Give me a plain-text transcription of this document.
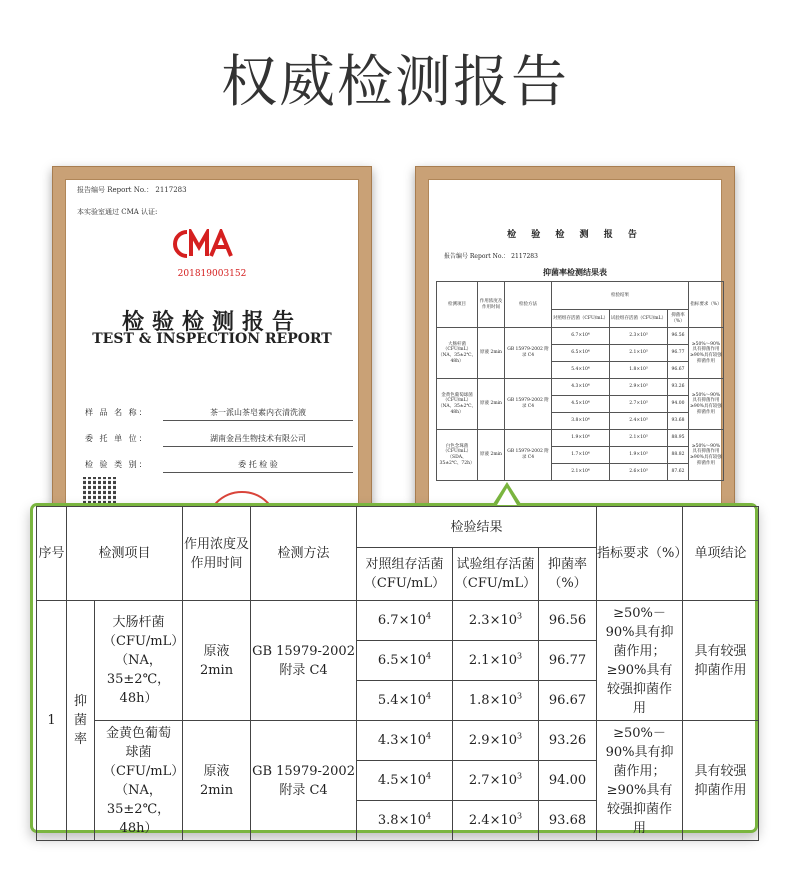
权威检测报告
报告编号 Report No.： 2117283
本实验室通过 CMA 认证:
201819003152
检验检测报告
TEST & INSPECTION REPORT
样 品 名 称：	茶一派山茶皂素内衣清洗液
委 托 单 位：	湖南金昌生物技术有限公司
检 验 类 别：	委 托 检 验
检 验 检 测 报 告
报告编号 Report No.： 2117283
抑菌率检测结果表
检测项目	作用浓度及作用时间	检验方法	检验结果			指标要求（%）
			对照组存活菌（CFU/mL）	试验组存活菌（CFU/mL）	抑菌率（%）	
大肠杆菌（CFU/mL）（NA、35±2℃、48h）	原液 2min	GB 15979-2002 附录 C4	6.7×10⁴	2.3×10³	96.56	≥50%～90% 具有抑菌作用 ≥90%具有较强抑菌作用
			6.5×10⁴	2.1×10³	96.77	
			5.4×10⁴	1.8×10³	96.67	
金黄色葡萄球菌（CFU/mL）（NA、35±2℃、48h）	原液 2min	GB 15979-2002 附录 C4	4.3×10⁴	2.9×10³	93.26	≥50%～90% 具有抑菌作用 ≥90%具有较强抑菌作用
			4.5×10⁴	2.7×10³	94.00	
			3.8×10⁴	2.4×10³	93.68	
白色念珠菌（CFU/mL）（SDA、35±2℃、72h）	原液 2min	GB 15979-2002 附录 C4	1.9×10⁴	2.1×10³	88.95	≥50%～90% 具有抑菌作用 ≥90%具有较强抑菌作用
			1.7×10⁴	1.9×10³	88.82	
			2.1×10⁴	2.6×10³	87.62	
序号	检测项目		作用浓度及作用时间	检测方法	检验结果			指标要求（%）	单项结论
					对照组存活菌（CFU/mL）	试验组存活菌（CFU/mL）	抑菌率（%）		
1	抑菌率	大肠杆菌（CFU/mL）（NA，35±2℃，48h）	原液 2min	GB 15979-2002 附录 C4	$6.7\times 10^4$	$2.3\times 10^3$	96.56	≥50%－90%具有抑菌作用；≥90%具有较强抑菌作用	具有较强抑菌作用
					$6.5\times 10^4$	$2.1\times 10^3$	96.77		
					$5.4\times 10^4$	$1.8\times 10^3$	96.67		
		金黄色葡萄球菌（CFU/mL）（NA，35±2℃，48h）	原液 2min	GB 15979-2002 附录 C4	$4.3\times 10^4$	$2.9\times 10^3$	93.26	≥50%－90%具有抑菌作用；≥90%具有较强抑菌作用	具有较强抑菌作用
					$4.5\times 10^4$	$2.7\times 10^3$	94.00		
					$3.8\times 10^4$	$2.4\times 10^3$	93.68		
